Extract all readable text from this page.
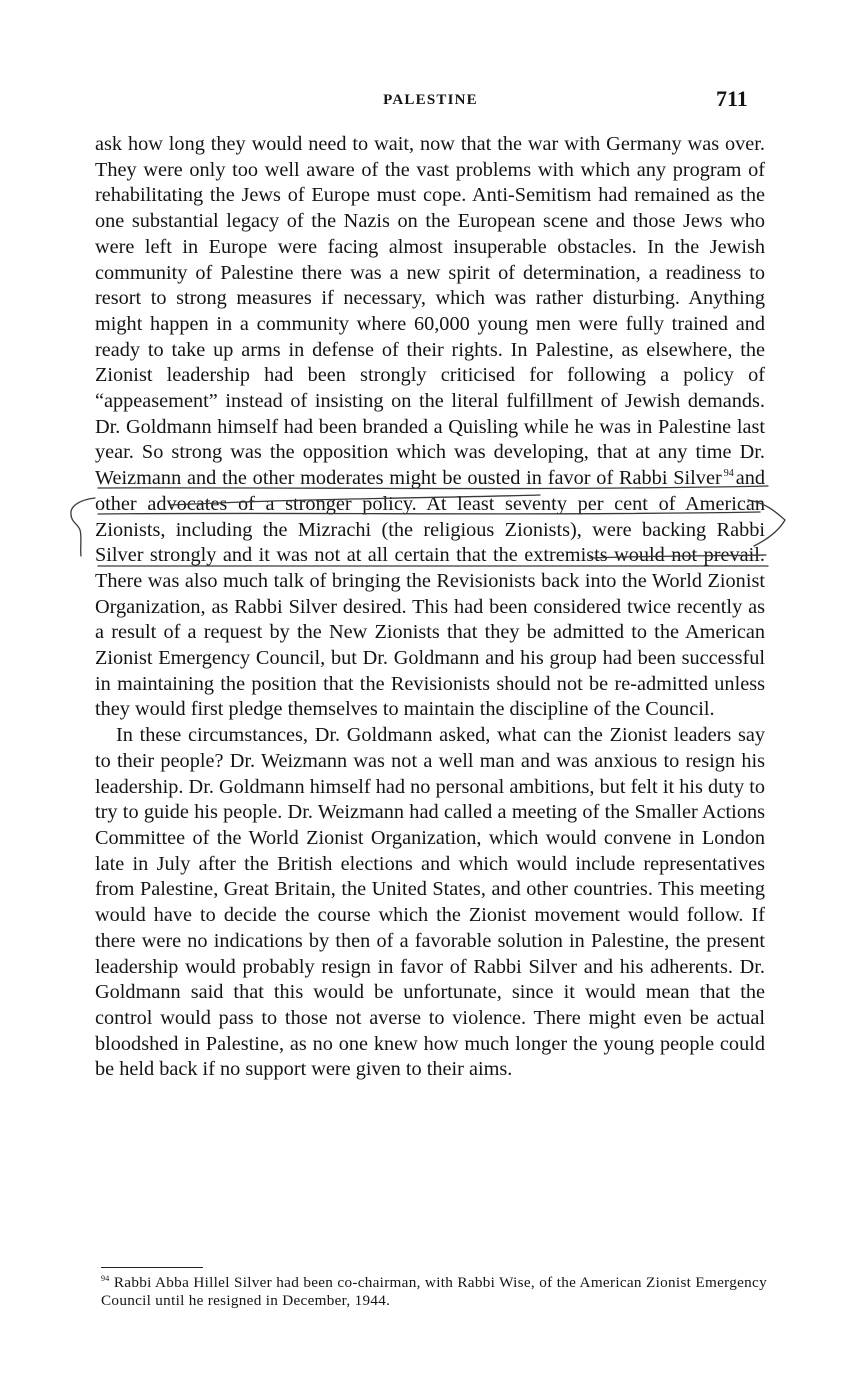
PALESTINE	711

ask how long they would need to wait, now that the war with Germany was over. They were only too well aware of the vast problems with which any program of rehabilitating the Jews of Europe must cope. Anti-Semitism had remained as the one substantial legacy of the Nazis on the European scene and those Jews who were left in Europe were facing almost insuperable obstacles. In the Jewish community of Palestine there was a new spirit of determination, a readiness to resort to strong measures if necessary, which was rather disturbing. Anything might happen in a community where 60,000 young men were fully trained and ready to take up arms in defense of their rights. In Palestine, as elsewhere, the Zionist leadership had been strongly criticised for following a policy of “appeasement” instead of insisting on the literal fulfillment of Jewish demands. Dr. Goldmann himself had been branded a Quisling while he was in Palestine last year. So strong was the opposition which was developing, that at any time Dr. Weizmann and the other moderates might be ousted in favor of Rabbi Silver $^{94}$and other advocates of a stronger policy. At least seventy per cent of American Zionists, including the Mizrachi (the religious Zionists), were backing Rabbi Silver strongly and it was not at all certain that the extremists would not prevail. There was also much talk of bringing the Revisionists back into the World Zionist Organization, as Rabbi Silver desired. This had been considered twice recently as a result of a request by the New Zionists that they be admitted to the American Zionist Emergency Council, but Dr. Goldmann and his group had been successful in maintaining the position that the Revisionists should not be re-admitted unless they would first pledge themselves to maintain the discipline of the Council.

In these circumstances, Dr. Goldmann asked, what can the Zionist leaders say to their people? Dr. Weizmann was not a well man and was anxious to resign his leadership. Dr. Goldmann himself had no personal ambitions, but felt it his duty to try to guide his people. Dr. Weizmann had called a meeting of the Smaller Actions Committee of the World Zionist Organization, which would convene in London late in July after the British elections and which would include representatives from Palestine, Great Britain, the United States, and other countries. This meeting would have to decide the course which the Zionist movement would follow. If there were no indications by then of a favorable solution in Palestine, the present leadership would probably resign in favor of Rabbi Silver and his adherents. Dr. Goldmann said that this would be unfortunate, since it would mean that the control would pass to those not averse to violence. There might even be actual bloodshed in Palestine, as no one knew how much longer the young people could be held back if no support were given to their aims.

$^{94}$ Rabbi Abba Hillel Silver had been co-chairman, with Rabbi Wise, of the American Zionist Emergency Council until he resigned in December, 1944.
